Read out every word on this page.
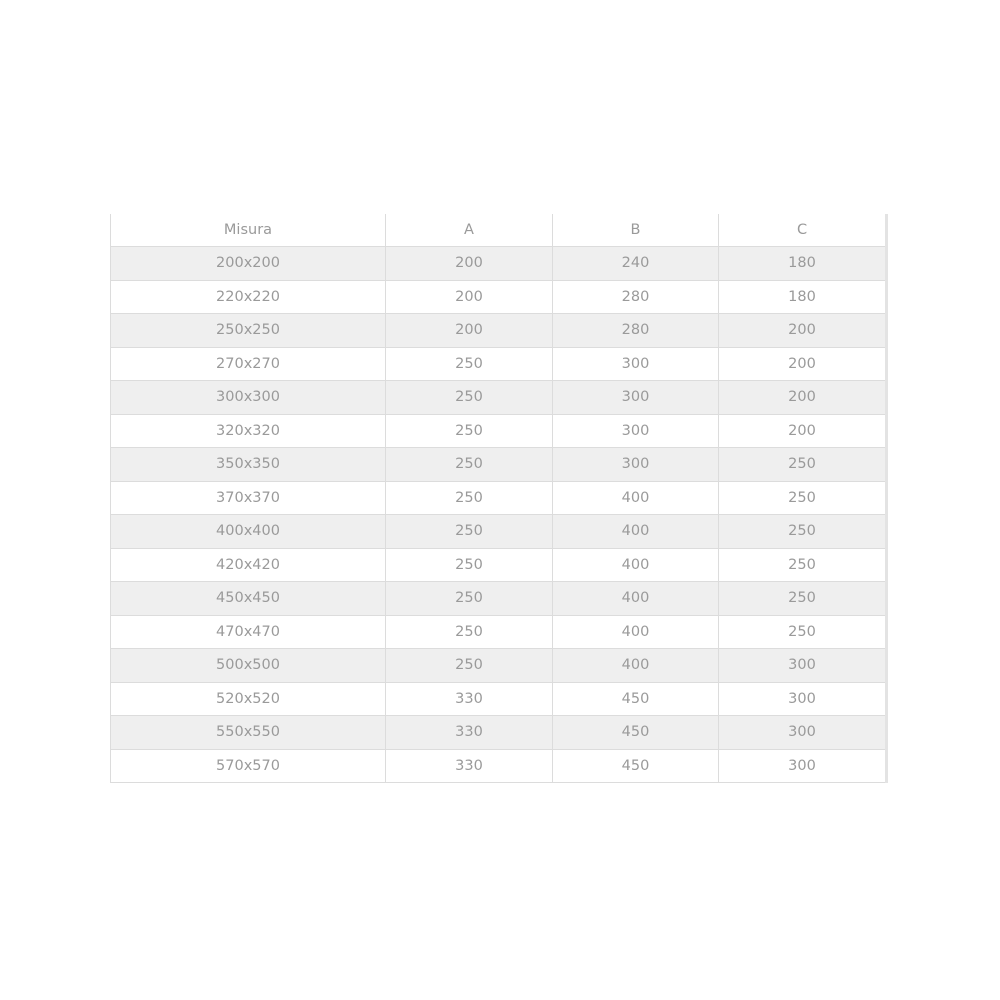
Misura	A	B	C
200x200	200	240	180
220x220	200	280	180
250x250	200	280	200
270x270	250	300	200
300x300	250	300	200
320x320	250	300	200
350x350	250	300	250
370x370	250	400	250
400x400	250	400	250
420x420	250	400	250
450x450	250	400	250
470x470	250	400	250
500x500	250	400	300
520x520	330	450	300
550x550	330	450	300
570x570	330	450	300
